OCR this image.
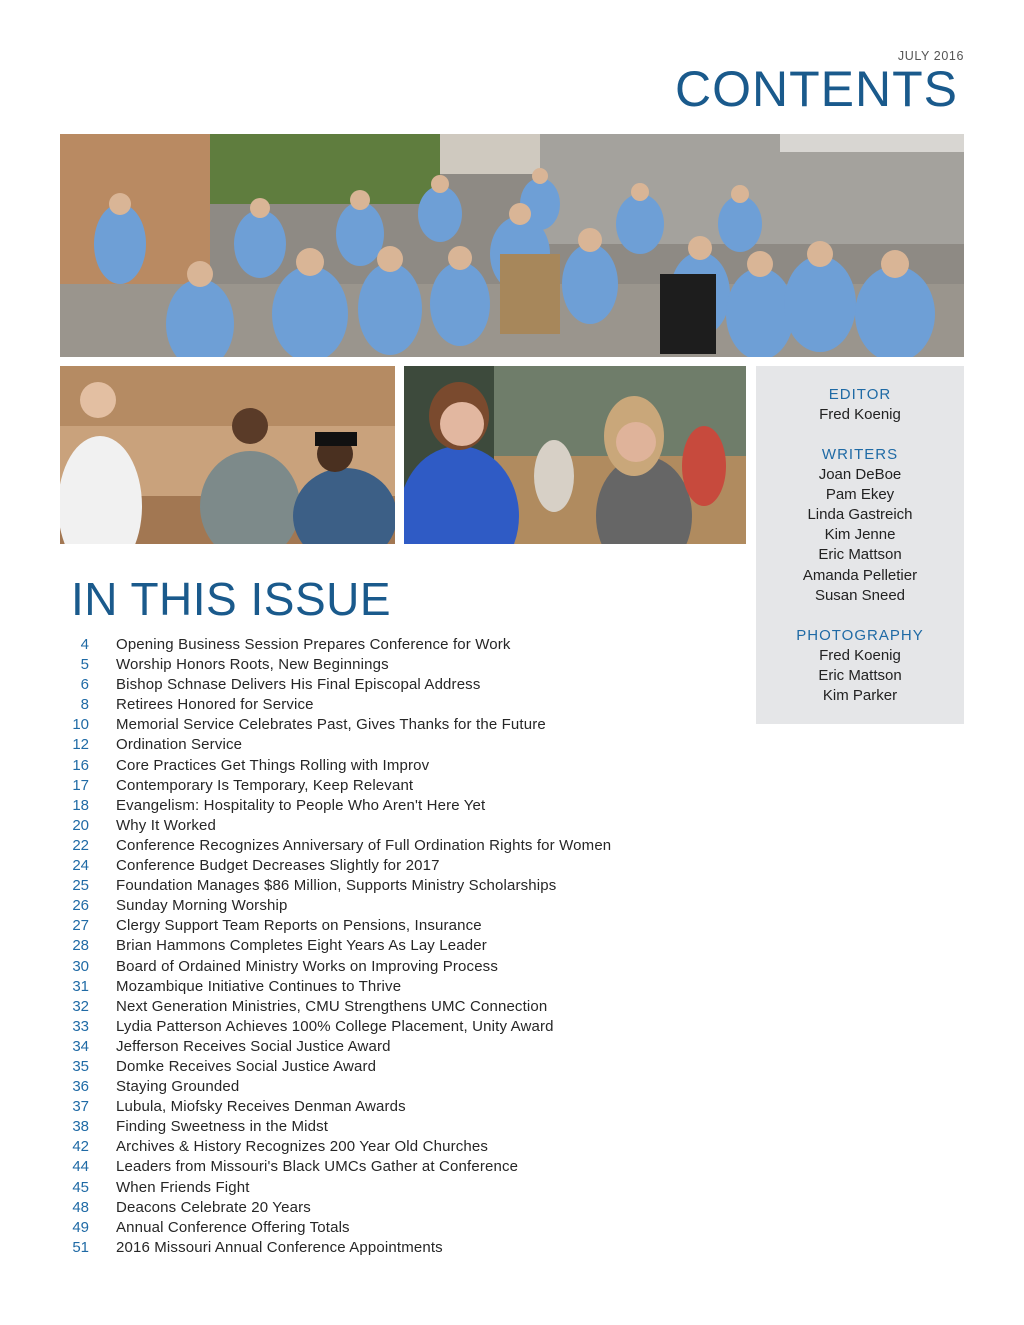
JULY 2016
CONTENTS
EDITOR
Fred Koenig
WRITERS
Joan DeBoe
Pam Ekey
Linda Gastreich
Kim Jenne
Eric Mattson
Amanda Pelletier
Susan Sneed
PHOTOGRAPHY
Fred Koenig
Eric Mattson
Kim Parker
IN THIS ISSUE
4 Opening Business Session Prepares Conference for Work
5 Worship Honors Roots, New Beginnings
6 Bishop Schnase Delivers His Final Episcopal Address
8 Retirees Honored for Service
10 Memorial Service Celebrates Past, Gives Thanks for the Future
12 Ordination Service
16 Core Practices Get Things Rolling with Improv
17 Contemporary Is Temporary, Keep Relevant
18 Evangelism: Hospitality to People Who Aren't Here Yet
20 Why It Worked
22 Conference Recognizes Anniversary of Full Ordination Rights for Women
24 Conference Budget Decreases Slightly for 2017
25 Foundation Manages $86 Million, Supports Ministry Scholarships
26 Sunday Morning Worship
27 Clergy Support Team Reports on Pensions, Insurance
28 Brian Hammons Completes Eight Years As Lay Leader
30 Board of Ordained Ministry Works on Improving Process
31 Mozambique Initiative Continues to Thrive
32 Next Generation Ministries, CMU Strengthens UMC Connection
33 Lydia Patterson Achieves 100% College Placement, Unity Award
34 Jefferson Receives Social Justice Award
35 Domke Receives Social Justice Award
36 Staying Grounded
37 Lubula, Miofsky Receives Denman Awards
38 Finding Sweetness in the Midst
42 Archives & History Recognizes 200 Year Old Churches
44 Leaders from Missouri's Black UMCs Gather at Conference
45 When Friends Fight
48 Deacons Celebrate 20 Years
49 Annual Conference Offering Totals
51 2016 Missouri Annual Conference Appointments
